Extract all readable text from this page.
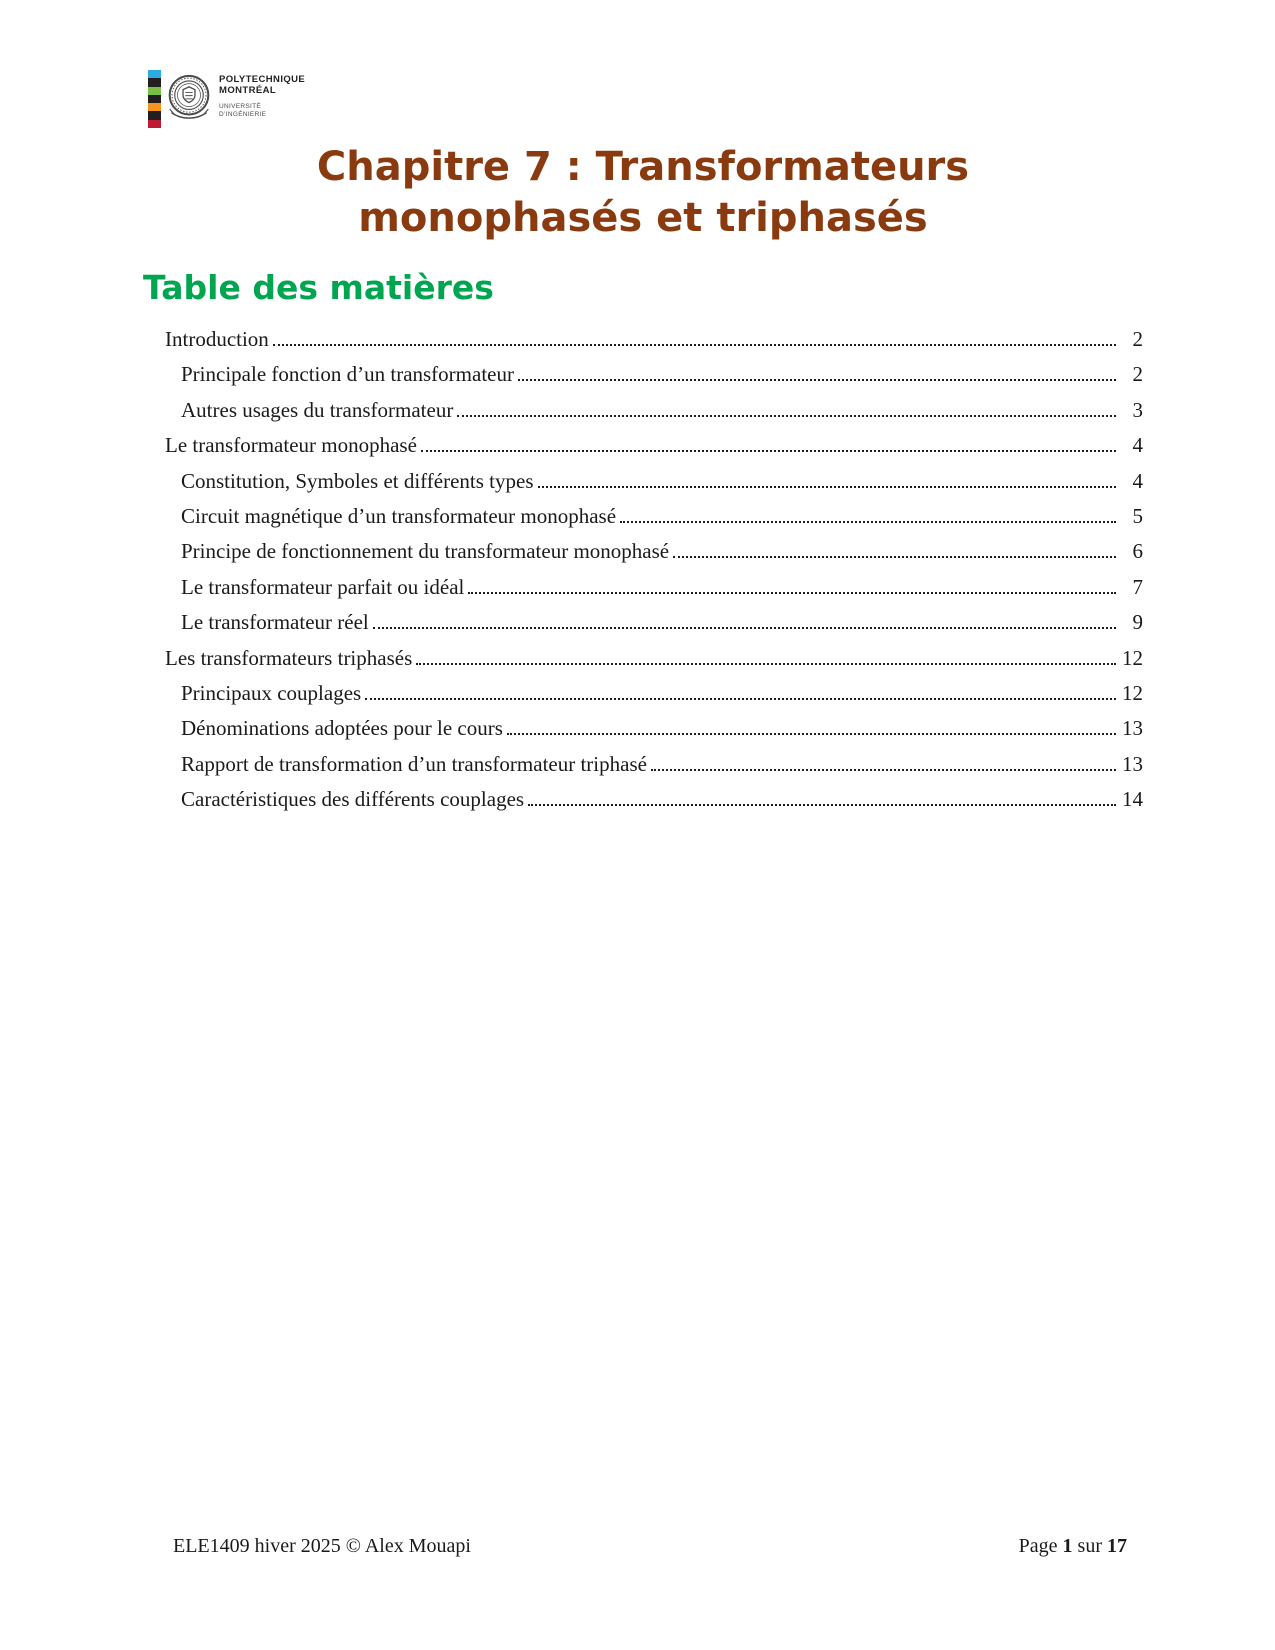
POLYTECHNIQUE
MONTRÉAL
UNIVERSITÉ
D’INGÉNIERIE
Chapitre 7 : Transformateurs
monophasés et triphasés
Table des matières
Introduction	2
Principale fonction d’un transformateur	2
Autres usages du transformateur	3
Le transformateur monophasé	4
Constitution, Symboles et différents types	4
Circuit magnétique d’un transformateur monophasé	5
Principe de fonctionnement du transformateur monophasé	6
Le transformateur parfait ou idéal	7
Le transformateur réel	9
Les transformateurs triphasés	12
Principaux couplages	12
Dénominations adoptées pour le cours	13
Rapport de transformation d’un transformateur triphasé	13
Caractéristiques des différents couplages	14
ELE1409 hiver 2025 © Alex Mouapi	Page 1 sur 17
